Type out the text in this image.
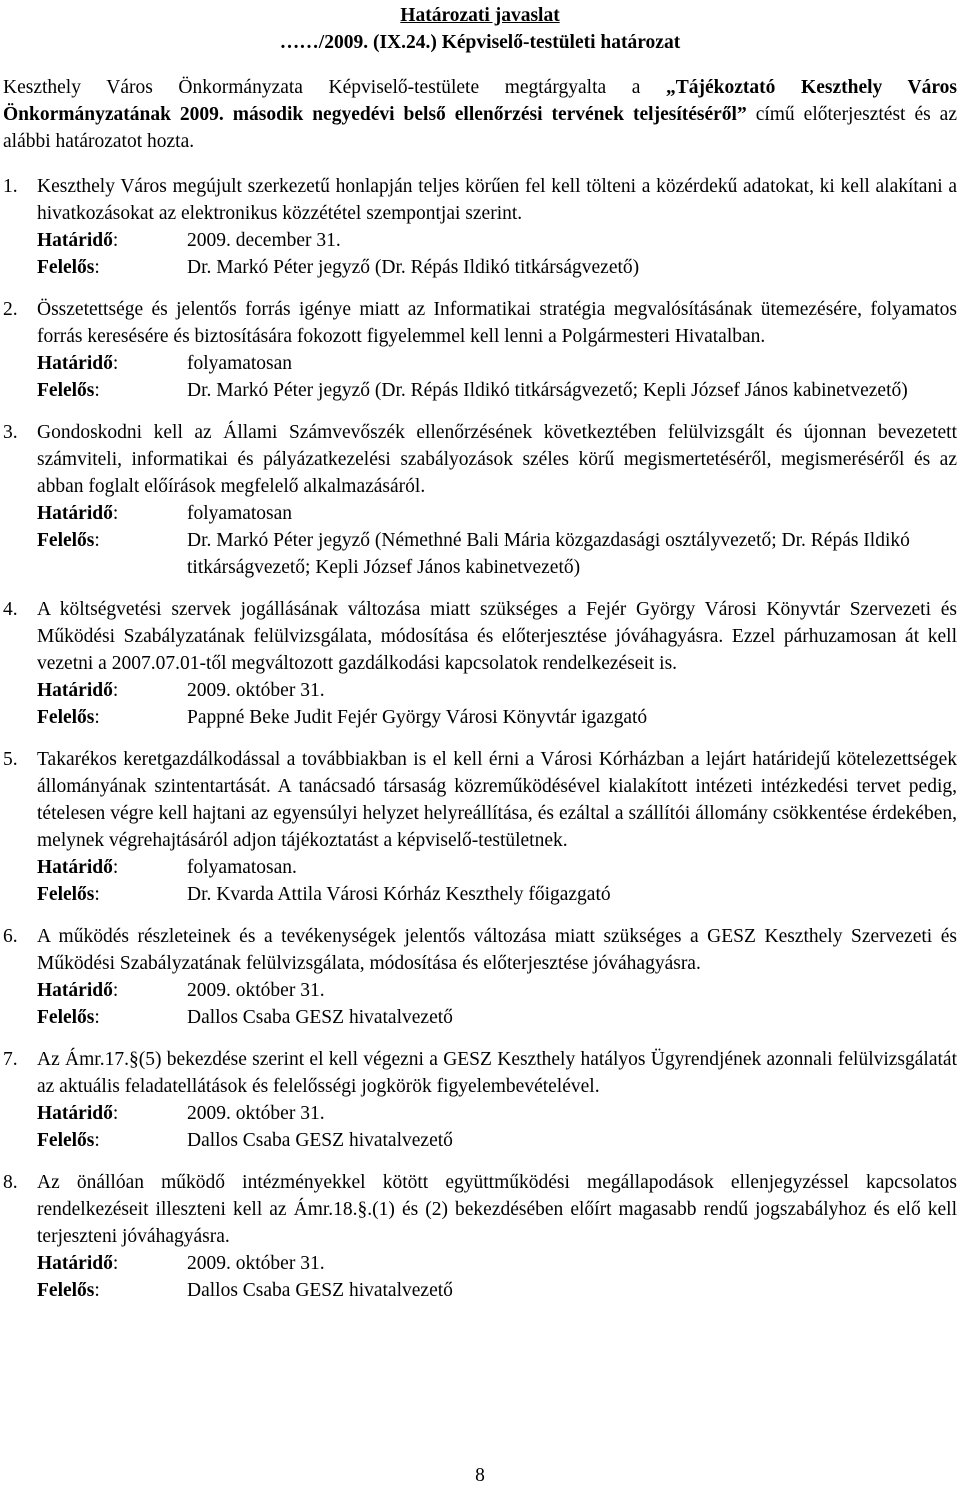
Határozati javaslat
……/2009. (IX.24.) Képviselő-testületi határozat
Keszthely Város Önkormányzata Képviselő-testülete megtárgyalta a „Tájékoztató Keszthely Város Önkormányzatának 2009. második negyedévi belső ellenőrzési tervének teljesítéséről” című előterjesztést és az alábbi határozatot hozta.
1. Keszthely Város megújult szerkezetű honlapján teljes körűen fel kell tölteni a közérdekű adatokat, ki kell alakítani a hivatkozásokat az elektronikus közzététel szempontjai szerint.
Határidő:	2009. december 31.
Felelős:	Dr. Markó Péter jegyző (Dr. Répás Ildikó titkárságvezető)
2. Összetettsége és jelentős forrás igénye miatt az Informatikai stratégia megvalósításának ütemezésére, folyamatos forrás keresésére és biztosítására fokozott figyelemmel kell lenni a Polgármesteri Hivatalban.
Határidő:	folyamatosan
Felelős:	Dr. Markó Péter jegyző (Dr. Répás Ildikó titkárságvezető; Kepli József János kabinetvezető)
3. Gondoskodni kell az Állami Számvevőszék ellenőrzésének következtében felülvizsgált és újonnan bevezetett számviteli, informatikai és pályázatkezelési szabályozások széles körű megismertetéséről, megismeréséről és az abban foglalt előírások megfelelő alkalmazásáról.
Határidő:	folyamatosan
Felelős:	Dr. Markó Péter jegyző (Némethné Bali Mária közgazdasági osztályvezető; Dr. Répás Ildikó titkárságvezető; Kepli József János kabinetvezető)
4. A költségvetési szervek jogállásának változása miatt szükséges a Fejér György Városi Könyvtár Szervezeti és Működési Szabályzatának felülvizsgálata, módosítása és előterjesztése jóváhagyásra. Ezzel párhuzamosan át kell vezetni a 2007.07.01-től megváltozott gazdálkodási kapcsolatok rendelkezéseit is.
Határidő:	2009. október 31.
Felelős:	Pappné Beke Judit Fejér György Városi Könyvtár igazgató
5. Takarékos keretgazdálkodással a továbbiakban is el kell érni a Városi Kórházban a lejárt határidejű kötelezettségek állományának szintentartását. A tanácsadó társaság közreműködésével kialakított intézeti intézkedési tervet pedig, tételesen végre kell hajtani az egyensúlyi helyzet helyreállítása, és ezáltal a szállítói állomány csökkentése érdekében, melynek végrehajtásáról adjon tájékoztatást a képviselő-testületnek.
Határidő:	folyamatosan.
Felelős:	Dr. Kvarda Attila Városi Kórház Keszthely főigazgató
6. A működés részleteinek és a tevékenységek jelentős változása miatt szükséges a GESZ Keszthely Szervezeti és Működési Szabályzatának felülvizsgálata, módosítása és előterjesztése jóváhagyásra.
Határidő:	2009. október 31.
Felelős:	Dallos Csaba GESZ hivatalvezető
7. Az Ámr.17.§(5) bekezdése szerint el kell végezni a GESZ Keszthely hatályos Ügyrendjének azonnali felülvizsgálatát az aktuális feladatellátások és felelősségi jogkörök figyelembevételével.
Határidő:	2009. október 31.
Felelős:	Dallos Csaba GESZ hivatalvezető
8. Az önállóan működő intézményekkel kötött együttműködési megállapodások ellenjegyzéssel kapcsolatos rendelkezéseit illeszteni kell az Ámr.18.§.(1) és (2) bekezdésében előírt magasabb rendű jogszabályhoz és elő kell terjeszteni jóváhagyásra.
Határidő:	2009. október 31.
Felelős:	Dallos Csaba GESZ hivatalvezető
8
